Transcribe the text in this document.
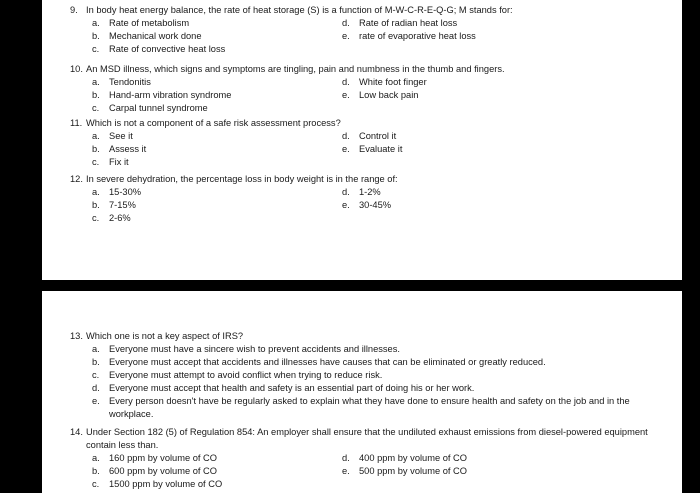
9. In body heat energy balance, the rate of heat storage (S) is a function of M-W-C-R-E-Q-G; M stands for:
a. Rate of metabolism	d. Rate of radian heat loss
b. Mechanical work done	e. rate of evaporative heat loss
c. Rate of convective heat loss
10. An MSD illness, which signs and symptoms are tingling, pain and numbness in the thumb and fingers.
a. Tendonitis	d. White foot finger
b. Hand-arm vibration syndrome	e. Low back pain
c. Carpal tunnel syndrome
11. Which is not a component of a safe risk assessment process?
a. See it	d. Control it
b. Assess it	e. Evaluate it
c. Fix it
12. In severe dehydration, the percentage loss in body weight is in the range of:
a. 15-30%	d. 1-2%
b. 7-15%	e. 30-45%
c. 2-6%
13. Which one is not a key aspect of IRS?
a. Everyone must have a sincere wish to prevent accidents and illnesses.
b. Everyone must accept that accidents and illnesses have causes that can be eliminated or greatly reduced.
c.	Everyone must attempt to avoid conflict when trying to reduce risk.
d. Everyone must accept that health and safety is an essential part of doing his or her work.
e. Every person doesn't have be regularly asked to explain what they have done to ensure health and safety on the job and in the workplace.
14. Under Section 182 (5) of Regulation 854: An employer shall ensure that the undiluted exhaust emissions from diesel-powered equipment contain less than.
a. 160 ppm by volume of CO	d. 400 ppm by volume of CO
b. 600 ppm by volume of CO	e. 500 ppm by volume of CO
c. 1500 ppm by volume of CO
